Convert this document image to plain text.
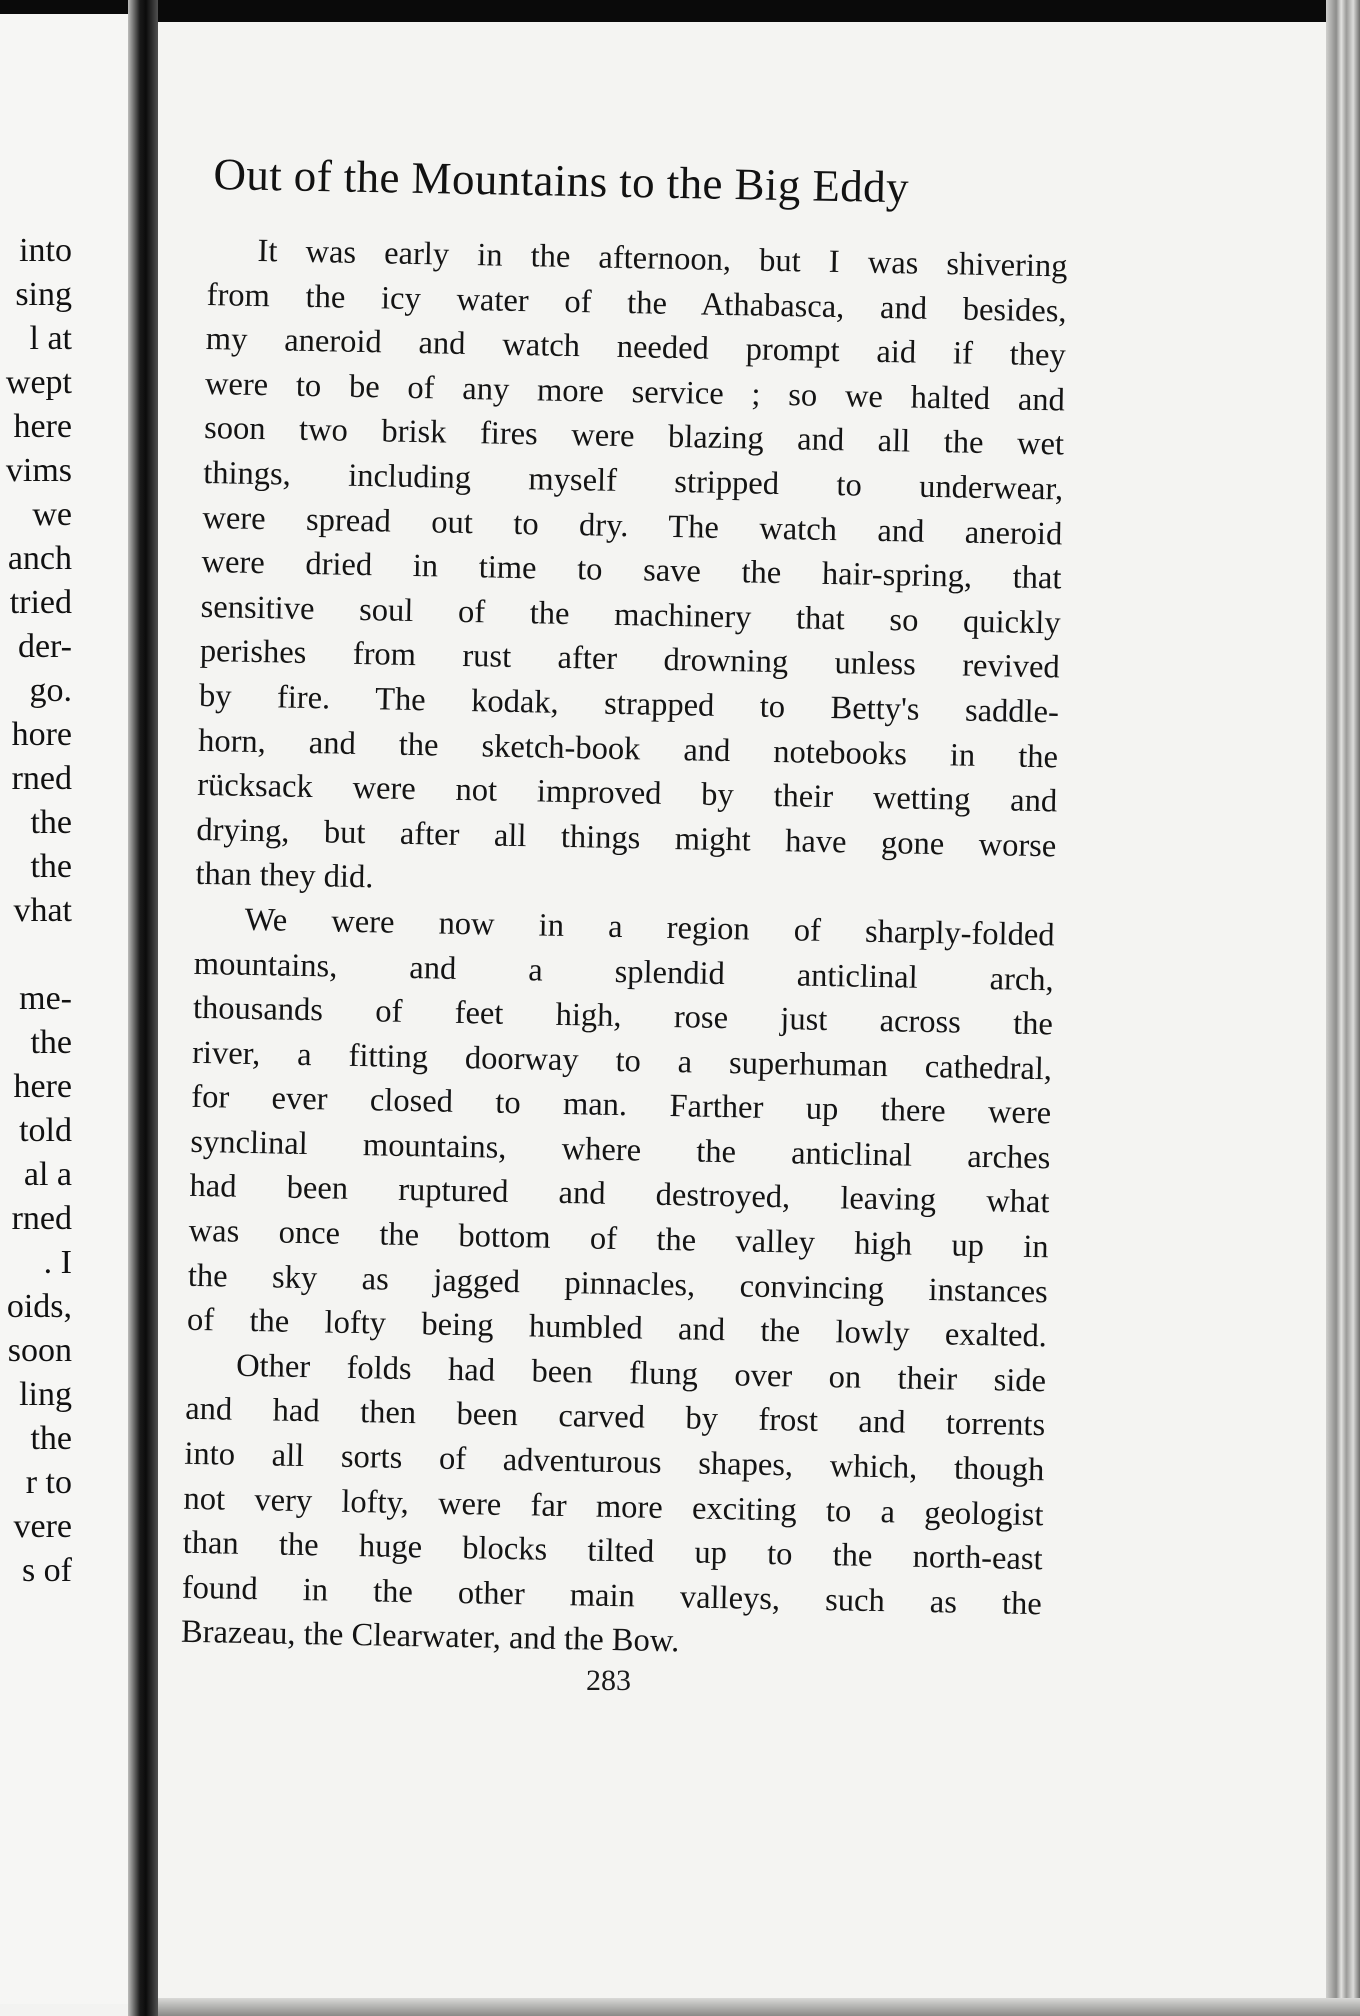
into
sing
l at
wept
here
vims
we
anch
tried
der-
go.
hore
rned
the
the
vhat
me-
the
here
told
al a
rned
. I
oids,
soon
ling
the
r to
vere
s of
Out of the Mountains to the Big Eddy
It was early in the afternoon, but I was shivering
from the icy water of the Athabasca, and besides,
my aneroid and watch needed prompt aid if they
were to be of any more service ; so we halted and
soon two brisk fires were blazing and all the wet
things, including myself stripped to underwear,
were spread out to dry. The watch and aneroid
were dried in time to save the hair-spring, that
sensitive soul of the machinery that so quickly
perishes from rust after drowning unless revived
by fire. The kodak, strapped to Betty's saddle-
horn, and the sketch-book and notebooks in the
rücksack were not improved by their wetting and
drying, but after all things might have gone worse
than they did.
We were now in a region of sharply-folded
mountains, and a splendid anticlinal arch,
thousands of feet high, rose just across the
river, a fitting doorway to a superhuman cathedral,
for ever closed to man. Farther up there were
synclinal mountains, where the anticlinal arches
had been ruptured and destroyed, leaving what
was once the bottom of the valley high up in
the sky as jagged pinnacles, convincing instances
of the lofty being humbled and the lowly exalted.
Other folds had been flung over on their side
and had then been carved by frost and torrents
into all sorts of adventurous shapes, which, though
not very lofty, were far more exciting to a geologist
than the huge blocks tilted up to the north-east
found in the other main valleys, such as the
Brazeau, the Clearwater, and the Bow.
283
